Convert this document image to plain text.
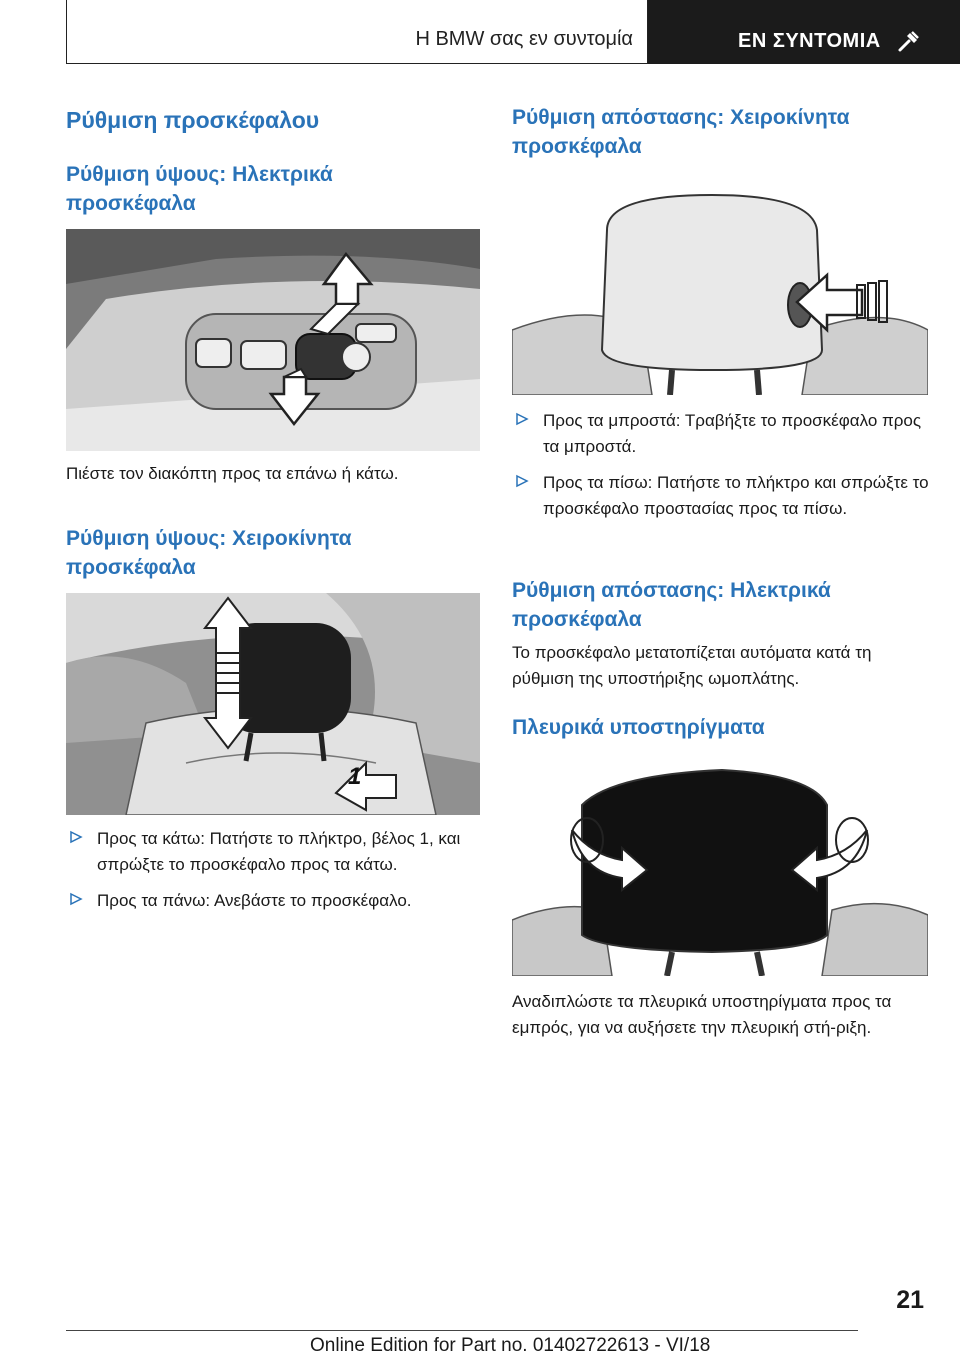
Η BMW σας εν συντομία	ΕΝ ΣΥΝΤΟΜΙΑ
Ρύθμιση προσκέφαλου
Ρύθμιση ύψους: Ηλεκτρικά προσκέφαλα

Πιέστε τον διακόπτη προς τα επάνω ή κάτω.

Ρύθμιση ύψους: Χειροκίνητα προσκέφαλα
1
Προς τα κάτω: Πατήστε το πλήκτρο, βέλος 1, και σπρώξτε το προσκέφαλο προς τα κάτω.
Προς τα πάνω: Ανεβάστε το προσκέφαλο.
Ρύθμιση απόστασης: Χειροκίνητα προσκέφαλα
Προς τα μπροστά: Τραβήξτε το προσκέφαλο προς τα μπροστά.
Προς τα πίσω: Πατήστε το πλήκτρο και σπρώξτε το προσκέφαλο προστασίας προς τα πίσω.
Ρύθμιση απόστασης: Ηλεκτρικά προσκέφαλα

Το προσκέφαλο μετατοπίζεται αυτόματα κατά τη ρύθμιση της υποστήριξης ωμοπλάτης.

Πλευρικά υποστηρίγματα

Αναδιπλώστε τα πλευρικά υποστηρίγματα προς τα εμπρός, για να αυξήσετε την πλευρική στή-ριξη.

21
Online Edition for Part no. 01402722613 - VI/18
